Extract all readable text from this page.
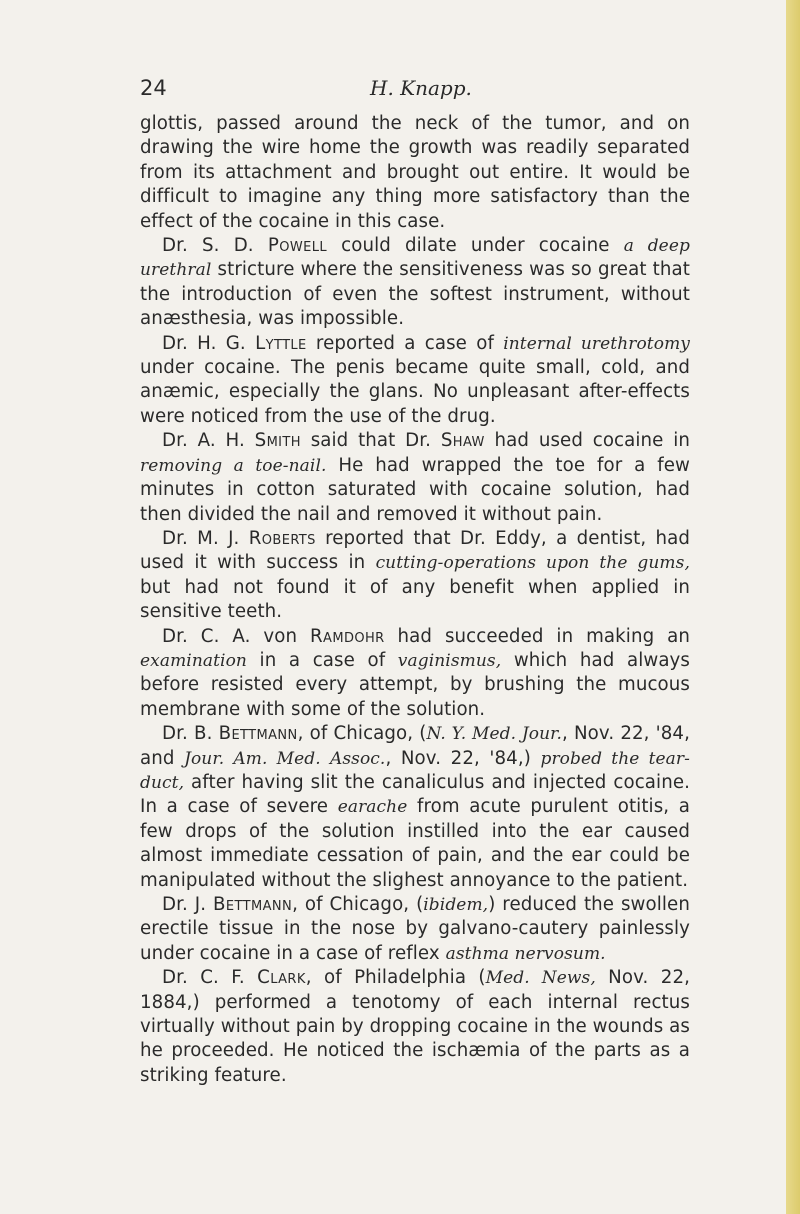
24	H. Knapp.

glottis, passed around the neck of the tumor, and on drawing the wire home the growth was readily separated from its attachment and brought out entire. It would be difficult to imagine any thing more satisfactory than the effect of the cocaine in this case.

Dr. S. D. Powell could dilate under cocaine a deep urethral stricture where the sensitiveness was so great that the introduction of even the softest instrument, without anæsthesia, was impossible.

Dr. H. G. Lyttle reported a case of internal urethrotomy under cocaine. The penis became quite small, cold, and anæmic, especially the glans. No unpleasant after-effects were noticed from the use of the drug.

Dr. A. H. Smith said that Dr. Shaw had used cocaine in removing a toe-nail. He had wrapped the toe for a few minutes in cotton saturated with cocaine solution, had then divided the nail and removed it without pain.

Dr. M. J. Roberts reported that Dr. Eddy, a dentist, had used it with success in cutting-operations upon the gums, but had not found it of any benefit when applied in sensitive teeth.

Dr. C. A. von Ramdohr had succeeded in making an examination in a case of vaginismus, which had always before resisted every attempt, by brushing the mucous membrane with some of the solution.

Dr. B. Bettmann, of Chicago, (N. Y. Med. Jour., Nov. 22, '84, and Jour. Am. Med. Assoc., Nov. 22, '84,) probed the tear-duct, after having slit the canaliculus and injected cocaine. In a case of severe earache from acute purulent otitis, a few drops of the solution instilled into the ear caused almost immediate cessation of pain, and the ear could be manipulated without the slighest annoyance to the patient.

Dr. J. Bettmann, of Chicago, (ibidem,) reduced the swollen erectile tissue in the nose by galvano-cautery painlessly under cocaine in a case of reflex asthma nervosum.

Dr. C. F. Clark, of Philadelphia (Med. News, Nov. 22, 1884,) performed a tenotomy of each internal rectus virtually without pain by dropping cocaine in the wounds as he proceeded. He noticed the ischæmia of the parts as a striking feature.
